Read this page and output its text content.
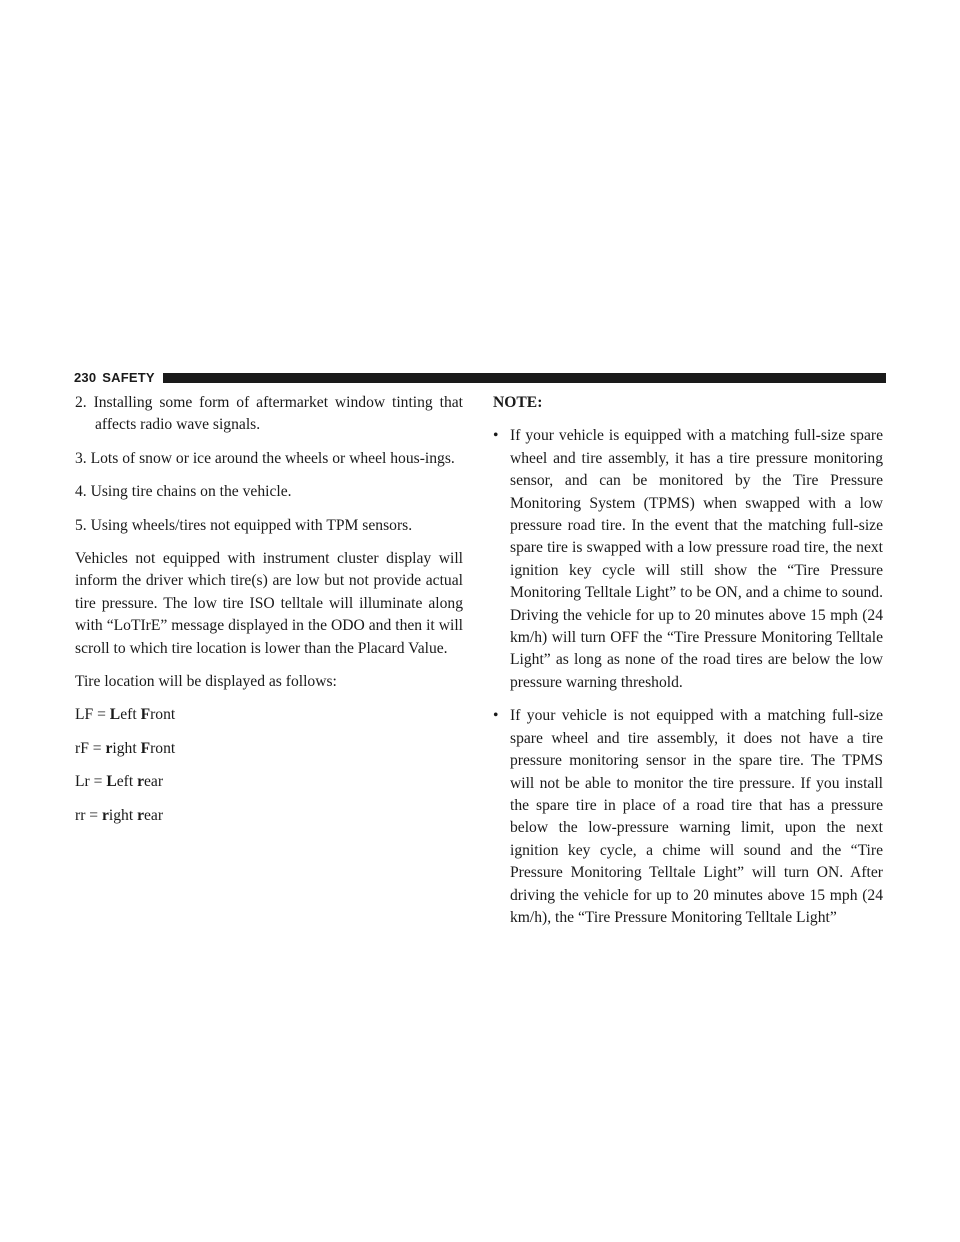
230 SAFETY

2. Installing some form of aftermarket window tinting that affects radio wave signals.

3. Lots of snow or ice around the wheels or wheel hous-ings.

4. Using tire chains on the vehicle.

5. Using wheels/tires not equipped with TPM sensors.

Vehicles not equipped with instrument cluster display will inform the driver which tire(s) are low but not provide actual tire pressure. The low tire ISO telltale will illuminate along with “LoTIrE” message displayed in the ODO and then it will scroll to which tire location is lower than the Placard Value.

Tire location will be displayed as follows:

LF = Left Front

rF = right Front

Lr = Left rear

rr = right rear

NOTE:

•
If your vehicle is equipped with a matching full-size spare wheel and tire assembly, it has a tire pressure monitoring sensor, and can be monitored by the Tire Pressure Monitoring System (TPMS) when swapped with a low pressure road tire. In the event that the matching full-size spare tire is swapped with a low pressure road tire, the next ignition key cycle will still show the “Tire Pressure Monitoring Telltale Light” to be ON, and a chime to sound. Driving the vehicle for up to 20 minutes above 15 mph (24 km/h) will turn OFF the “Tire Pressure Monitoring Telltale Light” as long as none of the road tires are below the low pressure warning threshold.
•
If your vehicle is not equipped with a matching full-size spare wheel and tire assembly, it does not have a tire pressure monitoring sensor in the spare tire. The TPMS will not be able to monitor the tire pressure. If you install the spare tire in place of a road tire that has a pressure below the low-pressure warning limit, upon the next ignition key cycle, a chime will sound and the “Tire Pressure Monitoring Telltale Light” will turn ON. After driving the vehicle for up to 20 minutes above 15 mph (24 km/h), the “Tire Pressure Monitoring Telltale Light”
